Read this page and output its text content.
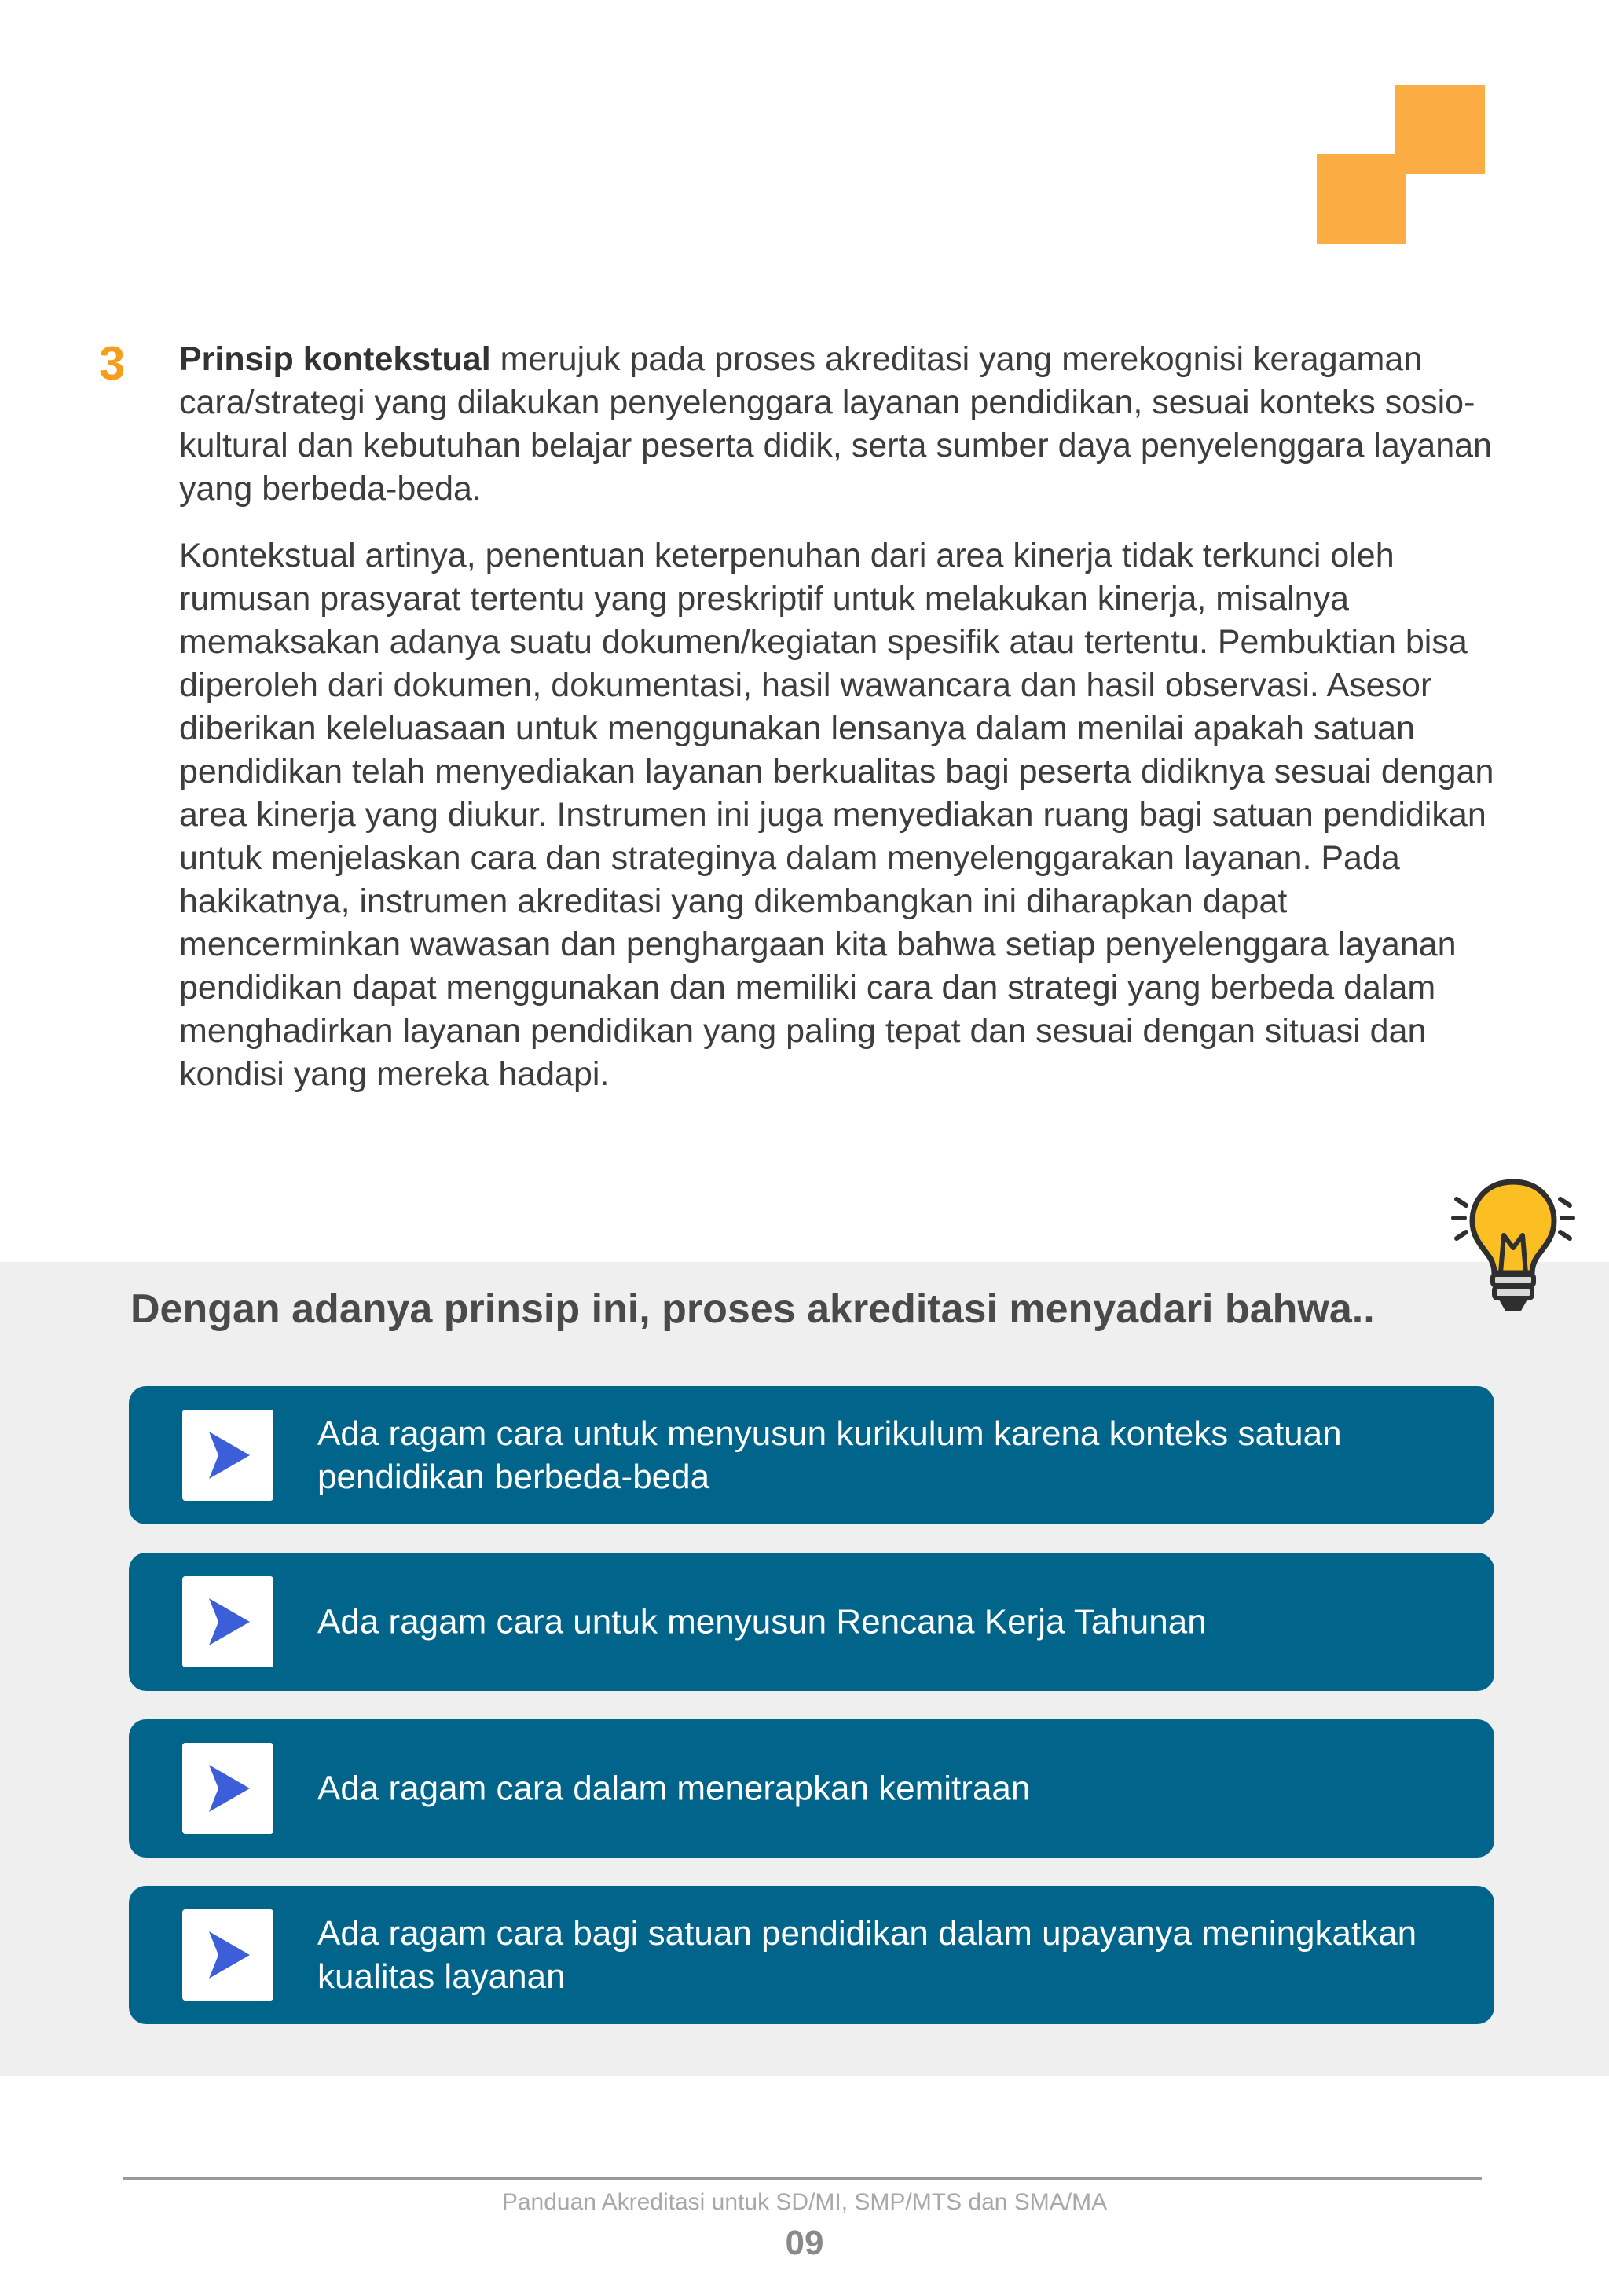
3 Prinsip kontekstual merujuk pada proses akreditasi yang merekognisi keragaman cara/strategi yang dilakukan penyelenggara layanan pendidikan, sesuai konteks sosio-kultural dan kebutuhan belajar peserta didik, serta sumber daya penyelenggara layanan yang berbeda-beda.

Kontekstual artinya, penentuan keterpenuhan dari area kinerja tidak terkunci oleh rumusan prasyarat tertentu yang preskriptif untuk melakukan kinerja, misalnya memaksakan adanya suatu dokumen/kegiatan spesifik atau tertentu. Pembuktian bisa diperoleh dari dokumen, dokumentasi, hasil wawancara dan hasil observasi. Asesor diberikan keleluasaan untuk menggunakan lensanya dalam menilai apakah satuan pendidikan telah menyediakan layanan berkualitas bagi peserta didiknya sesuai dengan area kinerja yang diukur. Instrumen ini juga menyediakan ruang bagi satuan pendidikan untuk menjelaskan cara dan strateginya dalam menyelenggarakan layanan. Pada hakikatnya, instrumen akreditasi yang dikembangkan ini diharapkan dapat mencerminkan wawasan dan penghargaan kita bahwa setiap penyelenggara layanan pendidikan dapat menggunakan dan memiliki cara dan strategi yang berbeda dalam menghadirkan layanan pendidikan yang paling tepat dan sesuai dengan situasi dan kondisi yang mereka hadapi.

Dengan adanya prinsip ini, proses akreditasi menyadari bahwa..
Ada ragam cara untuk menyusun kurikulum karena konteks satuan pendidikan berbeda-beda
Ada ragam cara untuk menyusun Rencana Kerja Tahunan
Ada ragam cara dalam menerapkan kemitraan
Ada ragam cara bagi satuan pendidikan dalam upayanya meningkatkan kualitas layanan
Panduan Akreditasi untuk SD/MI, SMP/MTS dan SMA/MA
09
